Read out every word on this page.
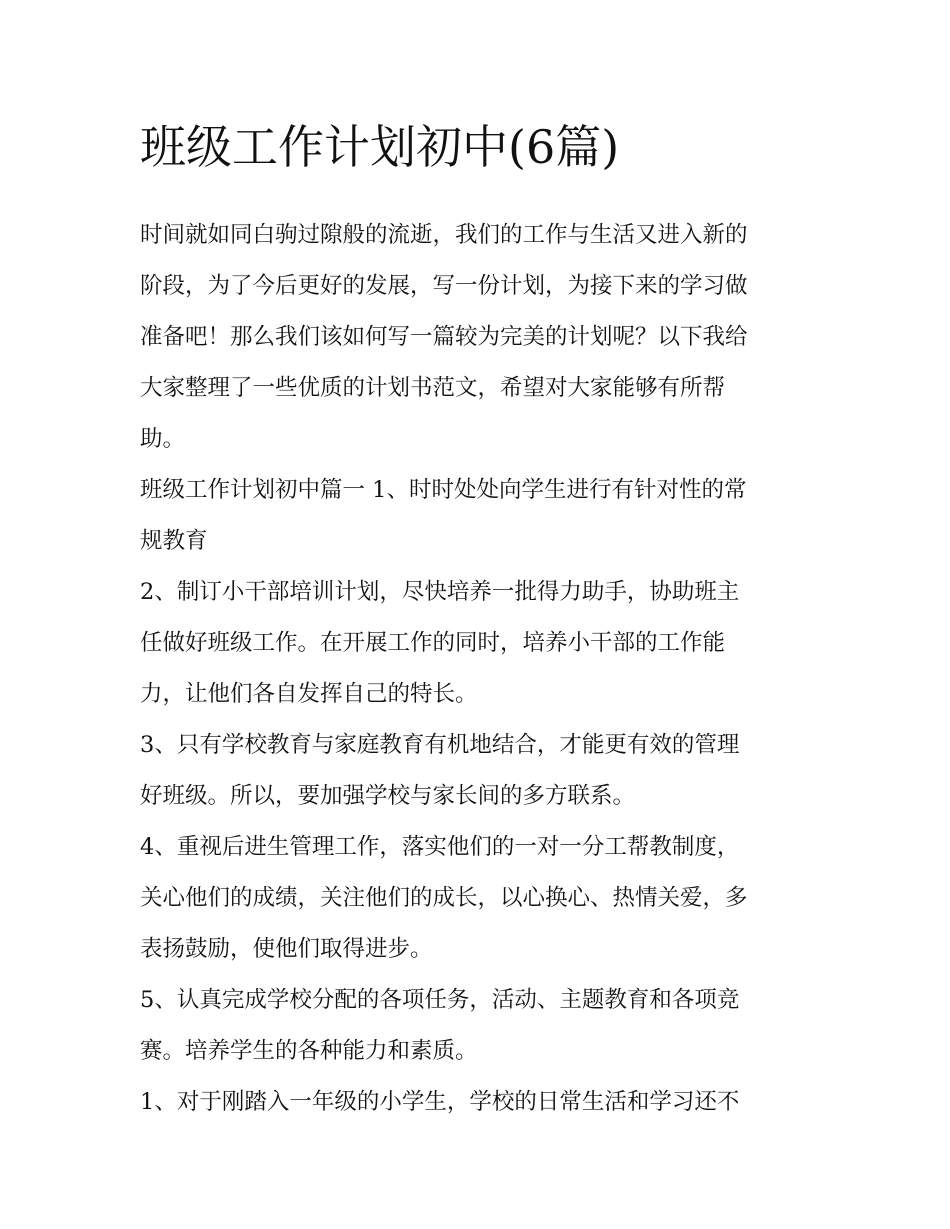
班级工作计划初中(6篇)
时间就如同白驹过隙般的流逝，我们的工作与生活又进入新的
阶段，为了今后更好的发展，写一份计划，为接下来的学习做
准备吧！那么我们该如何写一篇较为完美的计划呢？以下我给
大家整理了一些优质的计划书范文，希望对大家能够有所帮
助。
班级工作计划初中篇一 1、时时处处向学生进行有针对性的常
规教育
2、制订小干部培训计划，尽快培养一批得力助手，协助班主
任做好班级工作。在开展工作的同时，培养小干部的工作能
力，让他们各自发挥自己的特长。
3、只有学校教育与家庭教育有机地结合，才能更有效的管理
好班级。所以，要加强学校与家长间的多方联系。
4、重视后进生管理工作，落实他们的一对一分工帮教制度，
关心他们的成绩，关注他们的成长，以心换心、热情关爱，多
表扬鼓励，使他们取得进步。
5、认真完成学校分配的各项任务，活动、主题教育和各项竞
赛。培养学生的各种能力和素质。
1、对于刚踏入一年级的小学生，学校的日常生活和学习还不
